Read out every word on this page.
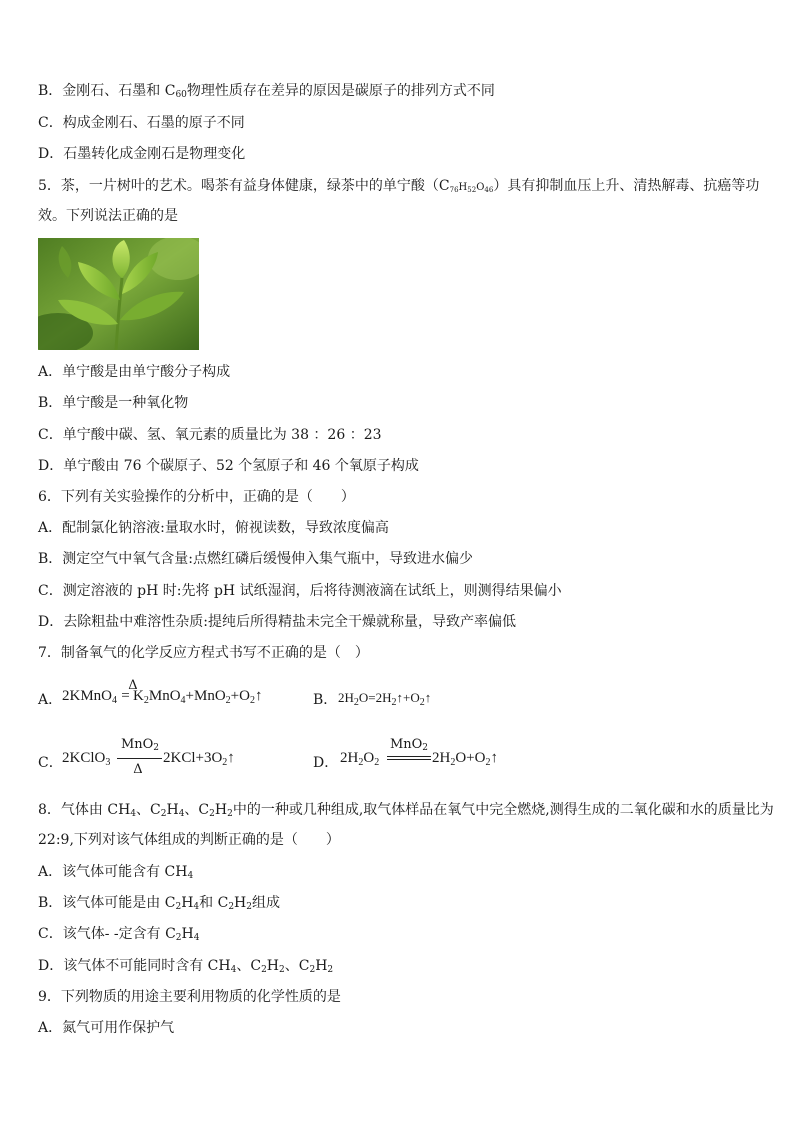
B．金刚石、石墨和 $C_{60}$物理性质存在差异的原因是碳原子的排列方式不同
C．构成金刚石、石墨的原子不同
D．石墨转化成金刚石是物理变化
5．茶，一片树叶的艺术。喝茶有益身体健康，绿茶中的单宁酸（C76H52O46）具有抑制血压上升、清热解毒、抗癌等功
效。下列说法正确的是
A．单宁酸是由单宁酸分子构成
B．单宁酸是一种氧化物
C．单宁酸中碳、氢、氧元素的质量比为 38 ：26 ：23
D．单宁酸由 76 个碳原子、52 个氢原子和 46 个氧原子构成
6．下列有关实验操作的分析中，正确的是（　　）
A．配制氯化钠溶液:量取水时，俯视读数，导致浓度偏高
B．测定空气中氧气含量:点燃红磷后缓慢伸入集气瓶中，导致进水偏少
C．测定溶液的 pH 时:先将 pH 试纸湿润，后将待测液滴在试纸上，则测得结果偏小
D．去除粗盐中难溶性杂质:提纯后所得精盐未完全干燥就称量，导致产率偏低
7．制备氧气的化学反应方程式书写不正确的是（　）
A．
Δ
2KMnO$_4$ = $K_2MnO_4+MnO_2+O_2↑$	B． $2H_2O=2H_2↑+O_2↑$
C．
MnO2
Δ
2KClO$_3$	$2KCl+3O_2↑$	D． $2H_2O_2$
MnO2
$2H_2O+O_2↑$
8．气体由 $CH_4$、$C_2H_4$、$C_2H_2$中的一种或几种组成,取气体样品在氧气中完全燃烧,测得生成的二氧化碳和水的质量比为
22:9,下列对该气体组成的判断正确的是（　　）
A．该气体可能含有 $CH_4$
B．该气体可能是由 $C_2H_4$和 $C_2H_2$组成
C．该气体- -定含有 $C_2H_4$
D．该气体不可能同时含有 $CH_4$、$C_2H_2$、$C_2H_2$
9．下列物质的用途主要利用物质的化学性质的是
A．氮气可用作保护气
